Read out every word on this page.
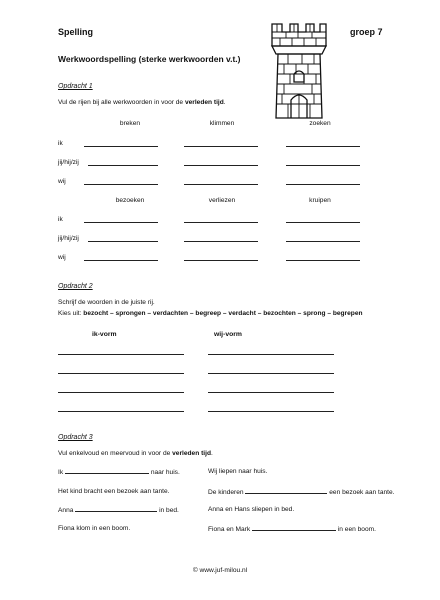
Spelling	groep 7
Werkwoordspelling (sterke werkwoorden v.t.)
Opdracht 1
Vul de rijen bij alle werkwoorden in voor de verleden tijd.
breken	klimmen	zoeken
ik
jij/hij/zij
wij
bezoeken	verliezen	kruipen
ik
jij/hij/zij
wij
Opdracht 2
Schrijf de woorden in de juiste rij.
Kies uit: bezocht – sprongen – verdachten – begreep – verdacht – bezochten – sprong – begrepen
ik-vorm	wij-vorm
Opdracht 3
Vul enkelvoud en meervoud in voor de verleden tijd.
Ik	naar huis.	Wij liepen naar huis.
Het kind bracht een bezoek aan tante.	De kinderen	een bezoek aan tante.
Anna	in bed.	Anna en Hans sliepen in bed.
Fiona klom in een boom.	Fiona en Mark	in een boom.
© www.juf-milou.nl
